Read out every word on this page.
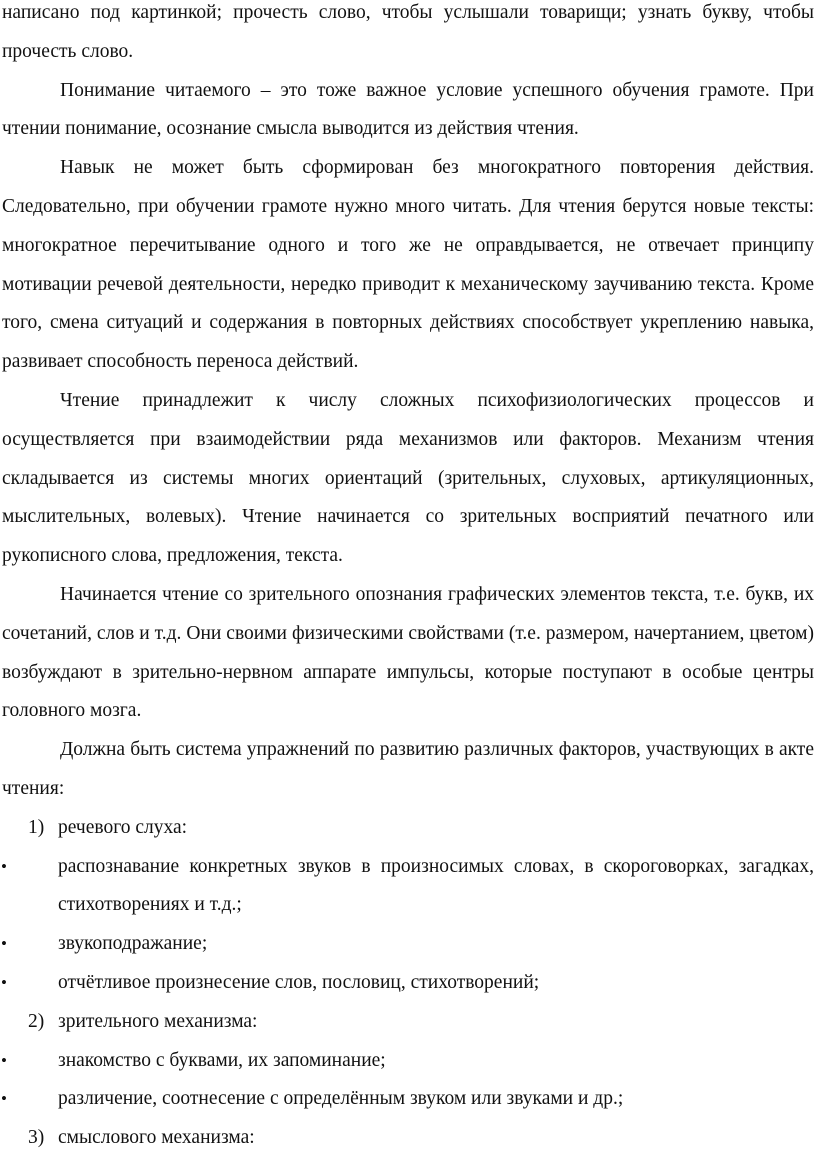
написано под картинкой; прочесть слово, чтобы услышали товарищи; узнать букву, чтобы прочесть слово.

Понимание читаемого – это тоже важное условие успешного обучения грамоте. При чтении понимание, осознание смысла выводится из действия чтения.

Навык не может быть сформирован без многократного повторения действия. Следовательно, при обучении грамоте нужно много читать. Для чтения берутся новые тексты: многократное перечитывание одного и того же не оправдывается, не отвечает принципу мотивации речевой деятельности, нередко приводит к механическому заучиванию текста. Кроме того, смена ситуаций и содержания в повторных действиях способствует укреплению навыка, развивает способность переноса действий.

Чтение принадлежит к числу сложных психофизиологических процессов и осуществляется при взаимодействии ряда механизмов или факторов. Механизм чтения складывается из системы многих ориентаций (зрительных, слуховых, артикуляционных, мыслительных, волевых). Чтение начинается со зрительных восприятий печатного или рукописного слова, предложения, текста.

Начинается чтение со зрительного опознания графических элементов текста, т.е. букв, их сочетаний, слов и т.д. Они своими физическими свойствами (т.е. размером, начертанием, цветом) возбуждают в зрительно-нервном аппарате импульсы, которые поступают в особые центры головного мозга.

Должна быть система упражнений по развитию различных факторов, участвующих в акте чтения:

1) речевого слуха:
•	распознавание конкретных звуков в произносимых словах, в скороговорках, загадках, стихотворениях и т.д.;
•	звукоподражание;
•	отчётливое произнесение слов, пословиц, стихотворений;
2) зрительного механизма:
•	знакомство с буквами, их запоминание;
•	различение, соотнесение с определённым звуком или звуками и др.;
3) смыслового механизма:
